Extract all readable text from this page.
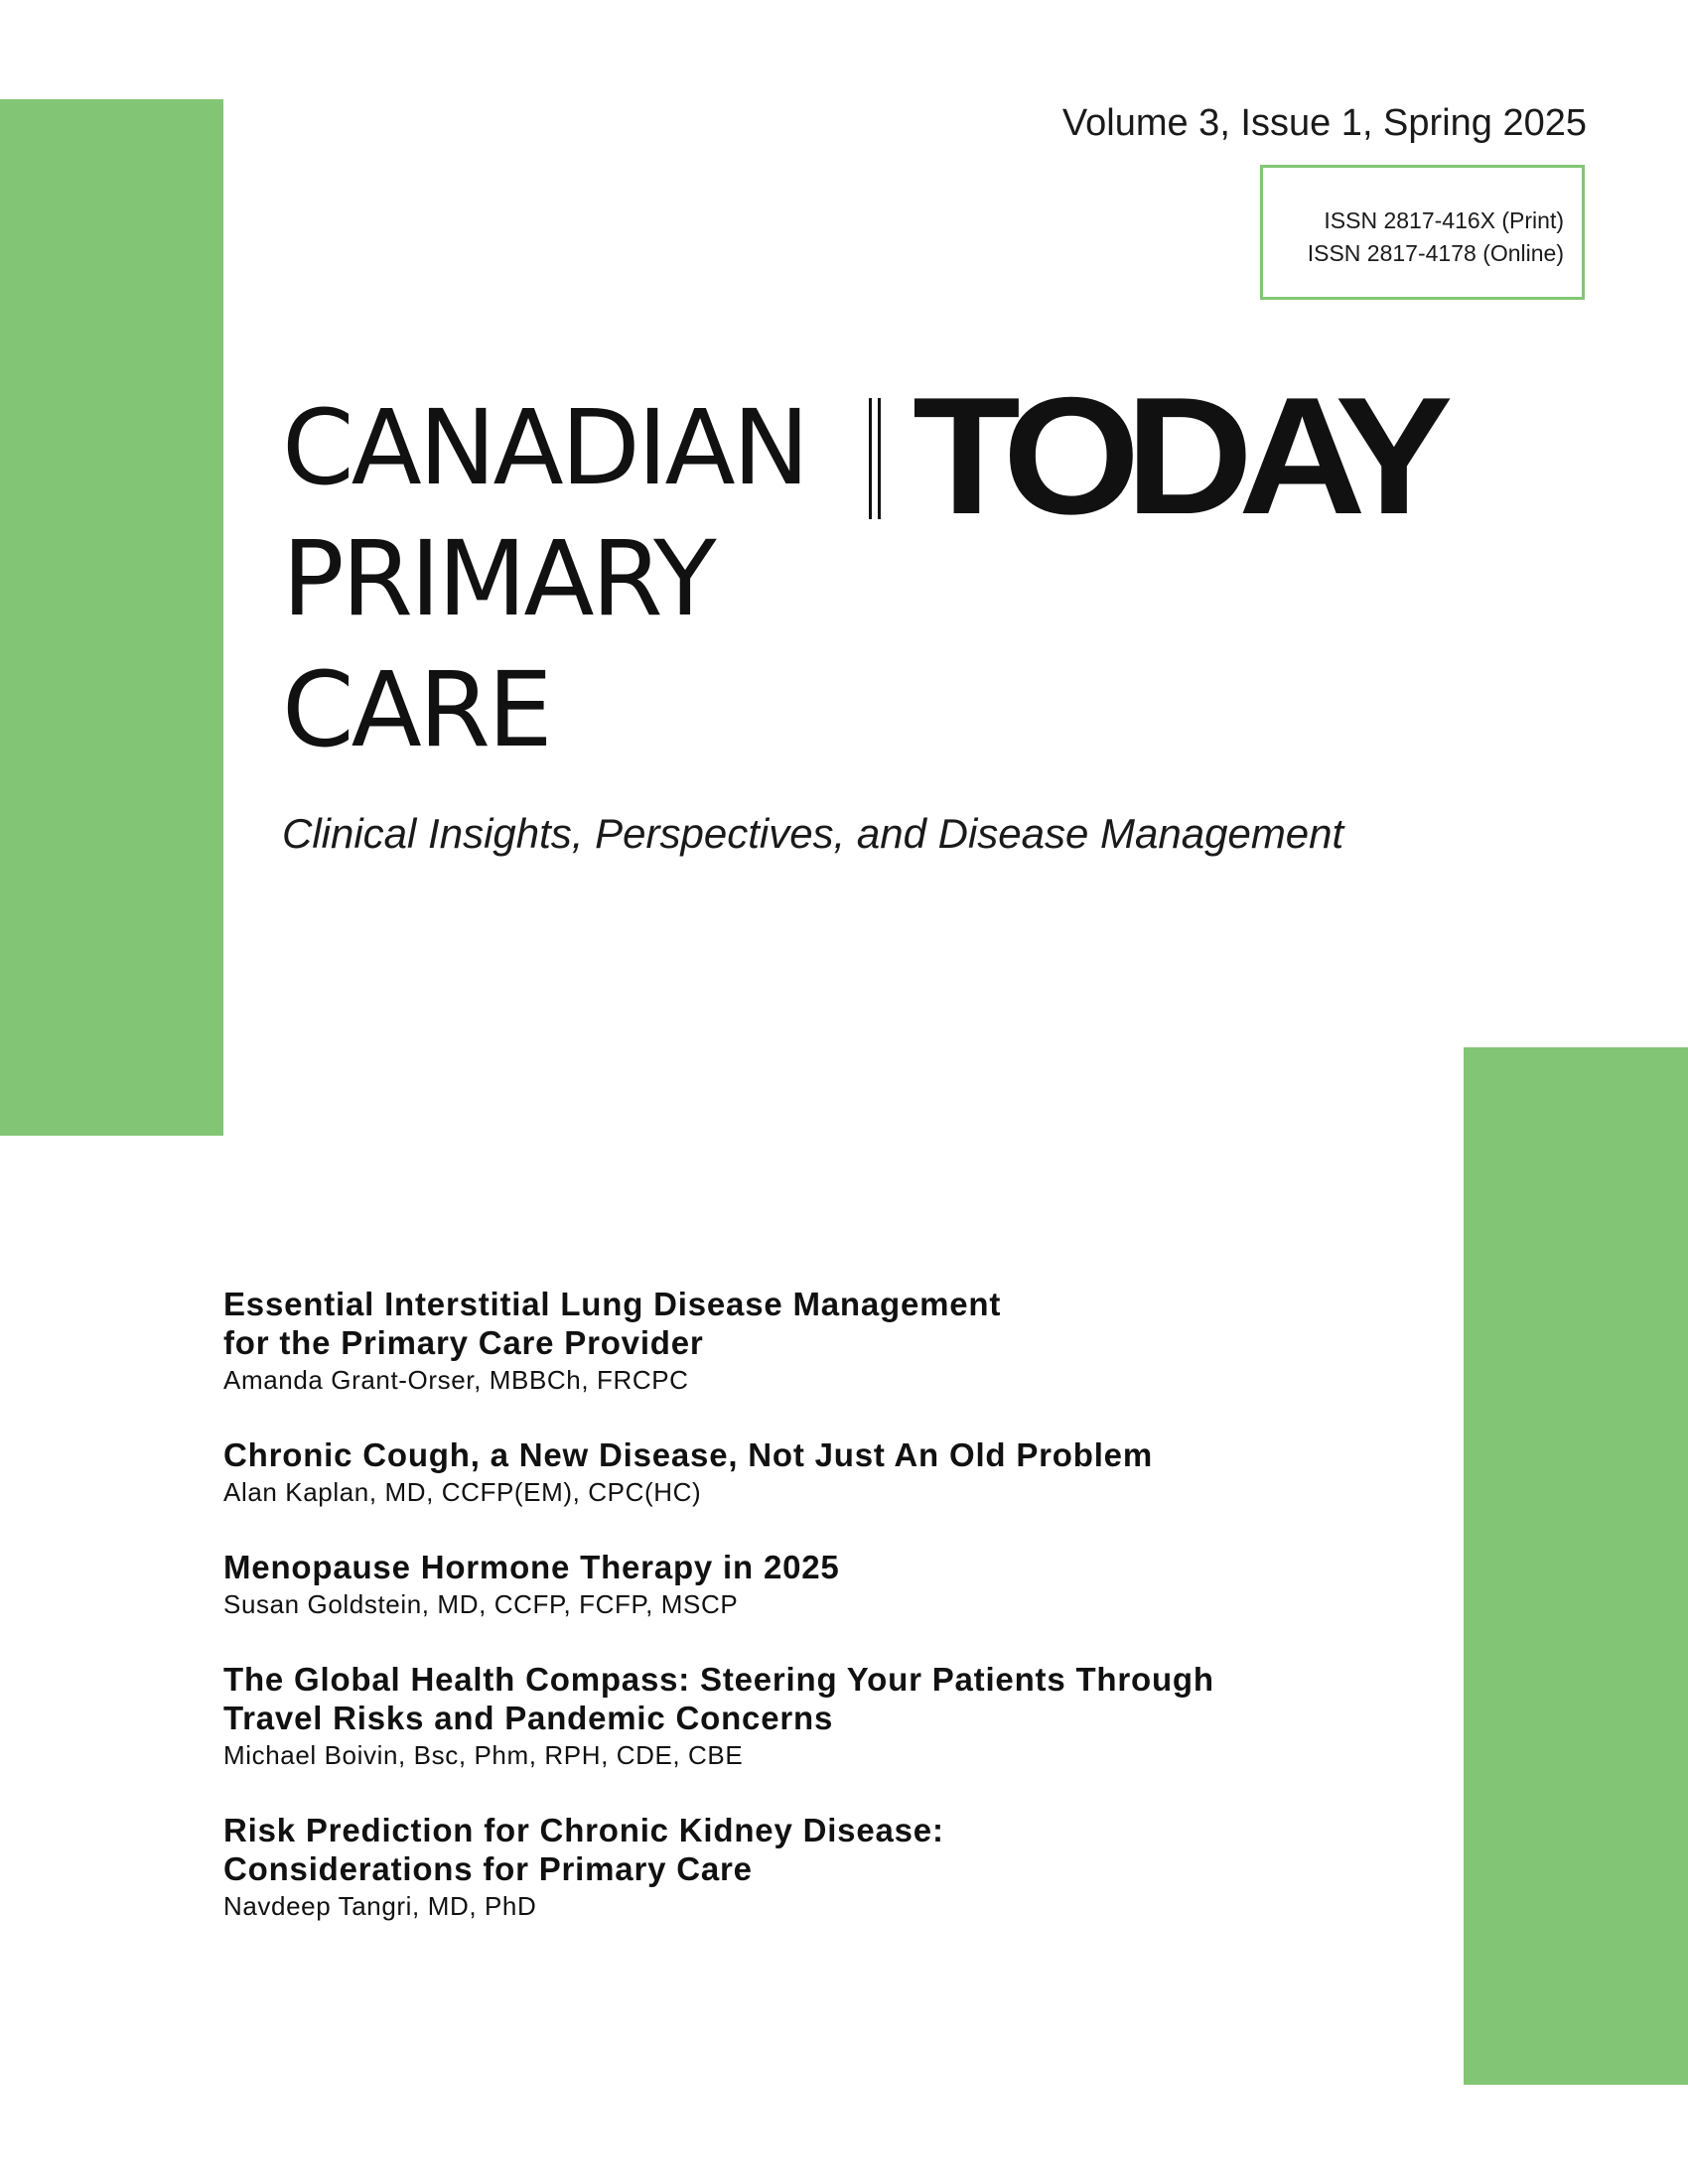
Volume 3, Issue 1, Spring 2025
ISSN 2817-416X (Print)
ISSN 2817-4178 (Online)
CANADIAN
PRIMARY
CARE
TODAY
Clinical Insights, Perspectives, and Disease Management
Essential Interstitial Lung Disease Management
for the Primary Care Provider
Amanda Grant-Orser, MBBCh, FRCPC
Chronic Cough, a New Disease, Not Just An Old Problem
Alan Kaplan, MD, CCFP(EM), CPC(HC)
Menopause Hormone Therapy in 2025
Susan Goldstein, MD, CCFP, FCFP, MSCP
The Global Health Compass: Steering Your Patients Through
Travel Risks and Pandemic Concerns
Michael Boivin, Bsc, Phm, RPH, CDE, CBE
Risk Prediction for Chronic Kidney Disease:
Considerations for Primary Care
Navdeep Tangri, MD, PhD
